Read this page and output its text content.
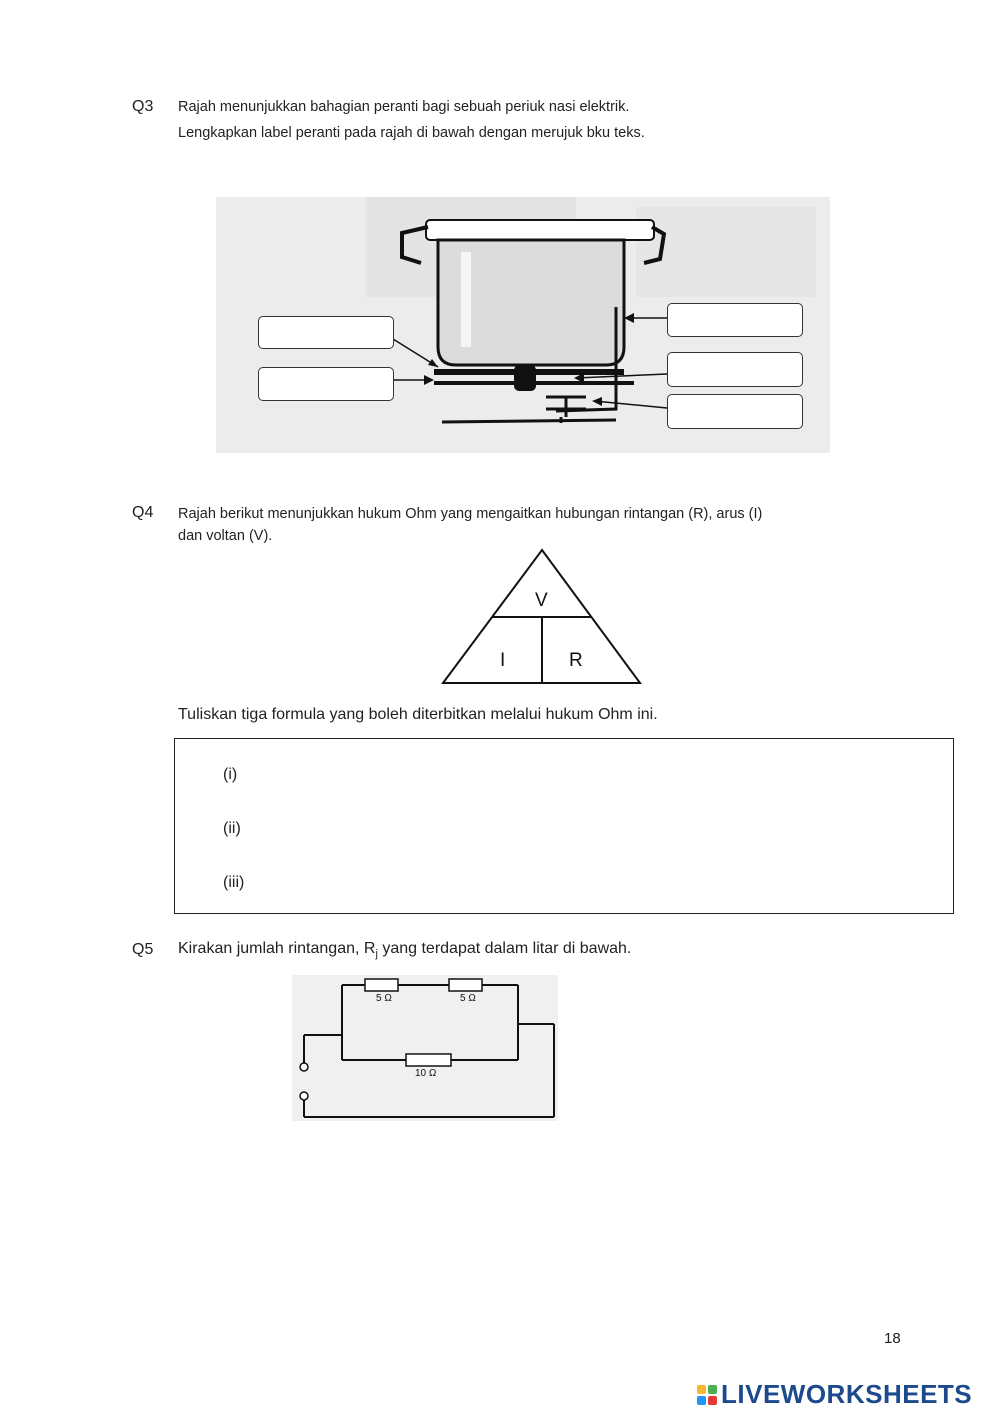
Q3 Rajah menunjukkan bahagian peranti bagi sebuah periuk nasi elektrik.
Lengkapkan label peranti pada rajah di bawah dengan merujuk bku teks.
Q4 Rajah berikut menunjukkan hukum Ohm yang mengaitkan hubungan rintangan (R), arus (I)
dan voltan (V).
V
I	R
Tuliskan tiga formula yang boleh diterbitkan melalui hukum Ohm ini.
(i)
(ii)
(iii)
Q5 Kirakan jumlah rintangan, $R_j$ yang terdapat dalam litar di bawah.
5 Ω	5 Ω
10 Ω
18
LIVEWORKSHEETS
